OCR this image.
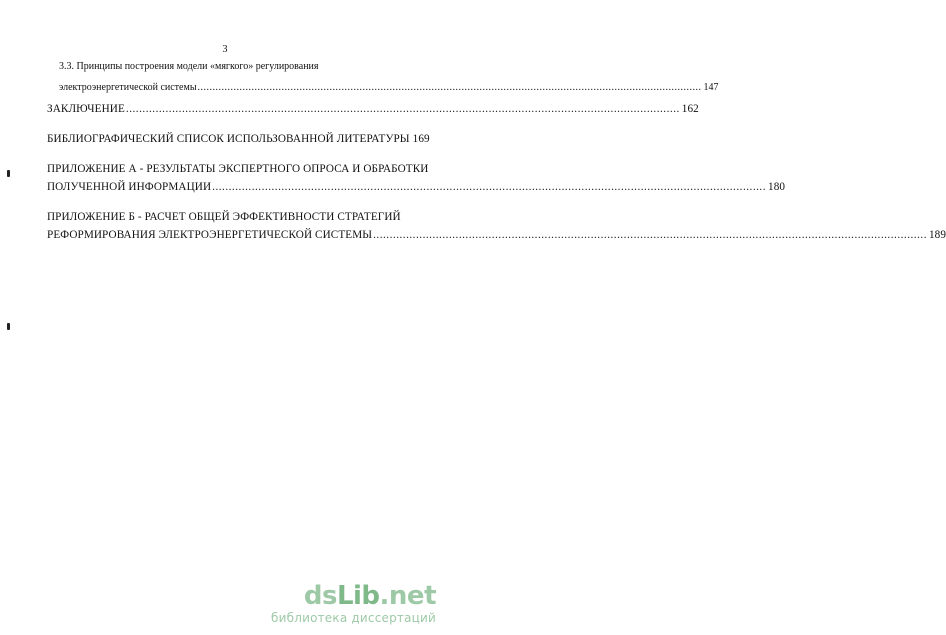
3
3.3. Принципы построения модели «мягкого» регулирования
электроэнергетической системы ........................................................................................................................................................................ 147
ЗАКЛЮЧЕНИЕ ........................................................................................................................................................................ 162
БИБЛИОГРАФИЧЕСКИЙ СПИСОК ИСПОЛЬЗОВАННОЙ ЛИТЕРАТУРЫ 169
ПРИЛОЖЕНИЕ А - РЕЗУЛЬТАТЫ ЭКСПЕРТНОГО ОПРОСА И ОБРАБОТКИ
ПОЛУЧЕННОЙ ИНФОРМАЦИИ ........................................................................................................................................................................ 180
ПРИЛОЖЕНИЕ Б - РАСЧЕТ ОБЩЕЙ ЭФФЕКТИВНОСТИ СТРАТЕГИЙ
РЕФОРМИРОВАНИЯ ЭЛЕКТРОЭНЕРГЕТИЧЕСКОЙ СИСТЕМЫ ........................................................................................................................................................................ 189
dsLib.net
библиотека диссертаций
